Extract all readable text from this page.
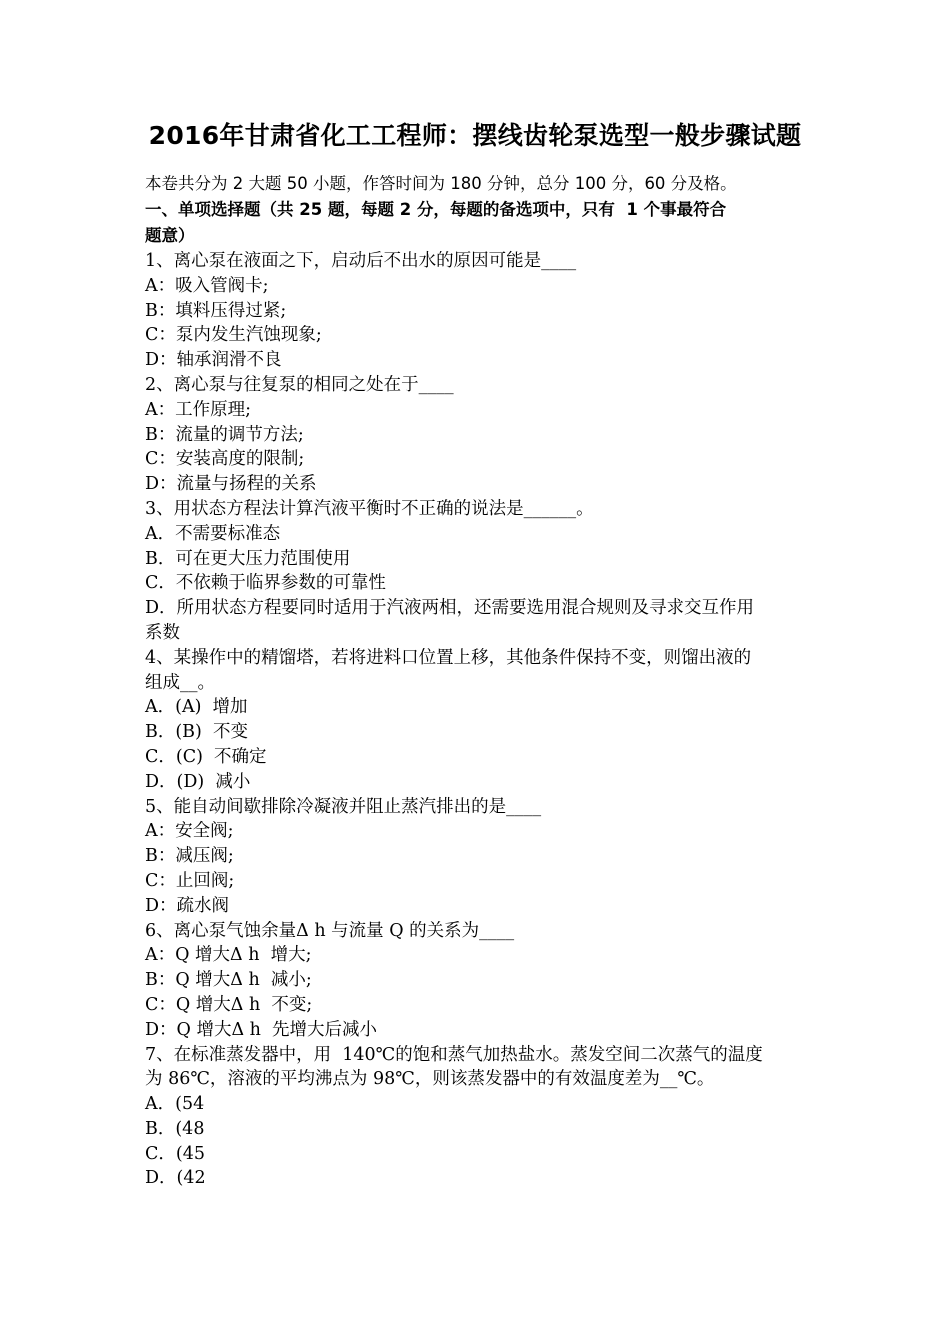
2016年甘肃省化工工程师：摆线齿轮泵选型一般步骤试题
本卷共分为 2 大题 50 小题，作答时间为 180 分钟，总分 100 分，60 分及格。
一、单项选择题（共 25 题，每题 2 分，每题的备选项中，只有  1 个事最符合
题意）
1、离心泵在液面之下，启动后不出水的原因可能是____
A：吸入管阀卡;
B：填料压得过紧;
C：泵内发生汽蚀现象;
D：轴承润滑不良
2、离心泵与往复泵的相同之处在于____
A：工作原理;
B：流量的调节方法;
C：安装高度的限制;
D：流量与扬程的关系
3、用状态方程法计算汽液平衡时不正确的说法是______。
A．不需要标准态
B．可在更大压力范围使用
C．不依赖于临界参数的可靠性
D．所用状态方程要同时适用于汽液两相，还需要选用混合规则及寻求交互作用
系数
4、某操作中的精馏塔，若将进料口位置上移，其他条件保持不变，则馏出液的
组成__。
A．(A)  增加
B．(B)  不变
C．(C)  不确定
D．(D)  减小
5、能自动间歇排除冷凝液并阻止蒸汽排出的是____
A：安全阀;
B：减压阀;
C：止回阀;
D：疏水阀
6、离心泵气蚀余量Δ h 与流量 Q 的关系为____
A：Q 增大Δ h  增大;
B：Q 增大Δ h  减小;
C：Q 增大Δ h  不变;
D：Q 增大Δ h  先增大后减小
7、在标准蒸发器中，用  140℃的饱和蒸气加热盐水。蒸发空间二次蒸气的温度
为 86℃，溶液的平均沸点为 98℃，则该蒸发器中的有效温度差为__℃。
A．(54
B．(48
C．(45
D．(42
